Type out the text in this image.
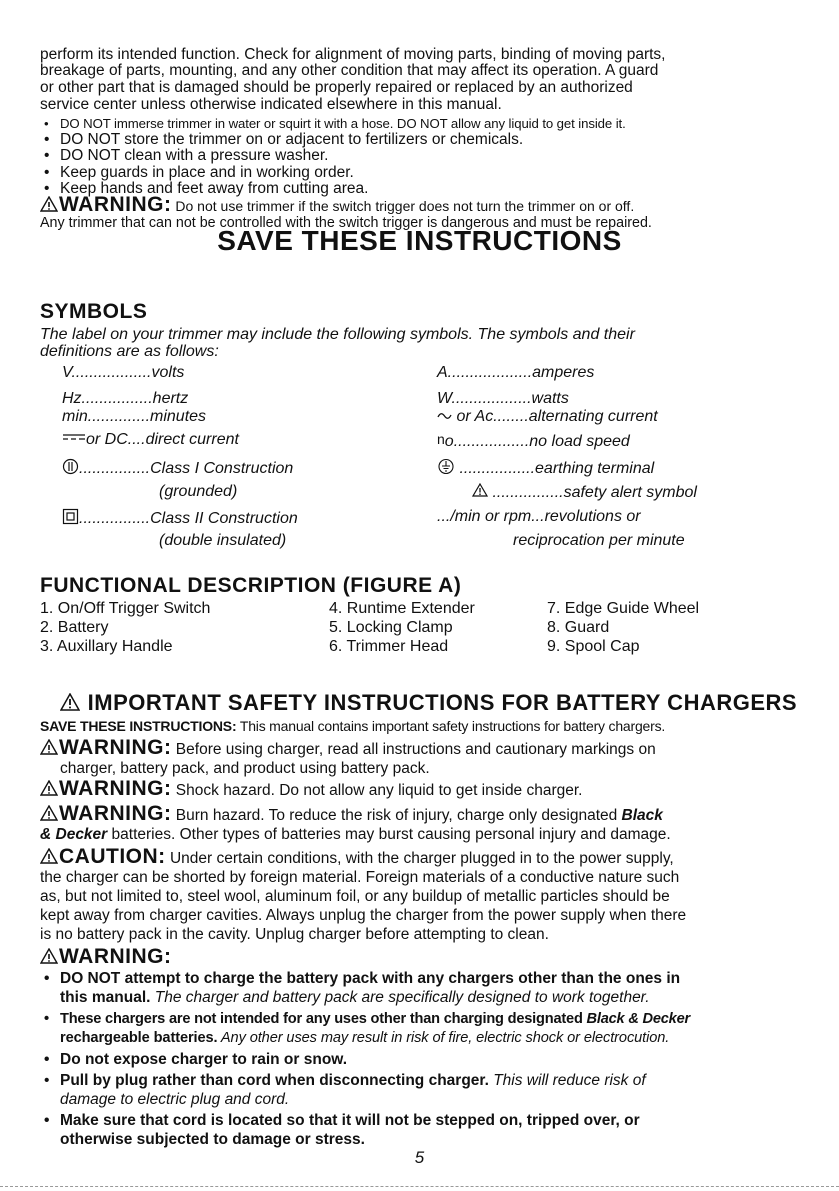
perform its intended function. Check for alignment of moving parts, binding of moving parts,
breakage of parts, mounting, and any other condition that may affect its operation. A guard
or other part that is damaged should be properly repaired or replaced by an authorized
service center unless otherwise indicated elsewhere in this manual.
• DO NOT immerse trimmer in water or squirt it with a hose. DO NOT allow any liquid to get inside it.
• DO NOT store the trimmer on or adjacent to fertilizers or chemicals.
• DO NOT clean with a pressure washer.
• Keep guards in place and in working order.
• Keep hands and feet away from cutting area.
WARNING: Do not use trimmer if the switch trigger does not turn the trimmer on or off.
Any trimmer that can not be controlled with the switch trigger is dangerous and must be repaired.
SAVE THESE INSTRUCTIONS
SYMBOLS
The label on your trimmer may include the following symbols. The symbols and their
definitions are as follows:
V..................volts
Hz................hertz
min..............minutes
or DC....direct current
................Class I Construction
(grounded)
................Class II Construction
(double insulated)
A...................amperes
W..................watts
or Ac........alternating current
no.................no load speed
.................earthing terminal
................safety alert symbol
.../min or rpm...revolutions or
reciprocation per minute
FUNCTIONAL DESCRIPTION (FIGURE A)
1. On/Off Trigger Switch	4. Runtime Extender	7. Edge Guide Wheel
2. Battery	5. Locking Clamp	8. Guard
3. Auxillary Handle	6. Trimmer Head	9. Spool Cap
IMPORTANT SAFETY INSTRUCTIONS FOR BATTERY CHARGERS
SAVE THESE INSTRUCTIONS: This manual contains important safety instructions for battery chargers.
WARNING: Before using charger, read all instructions and cautionary markings on
charger, battery pack, and product using battery pack.
WARNING: Shock hazard. Do not allow any liquid to get inside charger.
WARNING: Burn hazard. To reduce the risk of injury, charge only designated Black
& Decker batteries. Other types of batteries may burst causing personal injury and damage.
CAUTION: Under certain conditions, with the charger plugged in to the power supply,
the charger can be shorted by foreign material. Foreign materials of a conductive nature such
as, but not limited to, steel wool, aluminum foil, or any buildup of metallic particles should be
kept away from charger cavities. Always unplug the charger from the power supply when there
is no battery pack in the cavity. Unplug charger before attempting to clean.
WARNING:
• DO NOT attempt to charge the battery pack with any chargers other than the ones in
this manual. The charger and battery pack are specifically designed to work together.
• These chargers are not intended for any uses other than charging designated Black & Decker
rechargeable batteries. Any other uses may result in risk of fire, electric shock or electrocution.
• Do not expose charger to rain or snow.
• Pull by plug rather than cord when disconnecting charger. This will reduce risk of
damage to electric plug and cord.
• Make sure that cord is located so that it will not be stepped on, tripped over, or
otherwise subjected to damage or stress.
5
